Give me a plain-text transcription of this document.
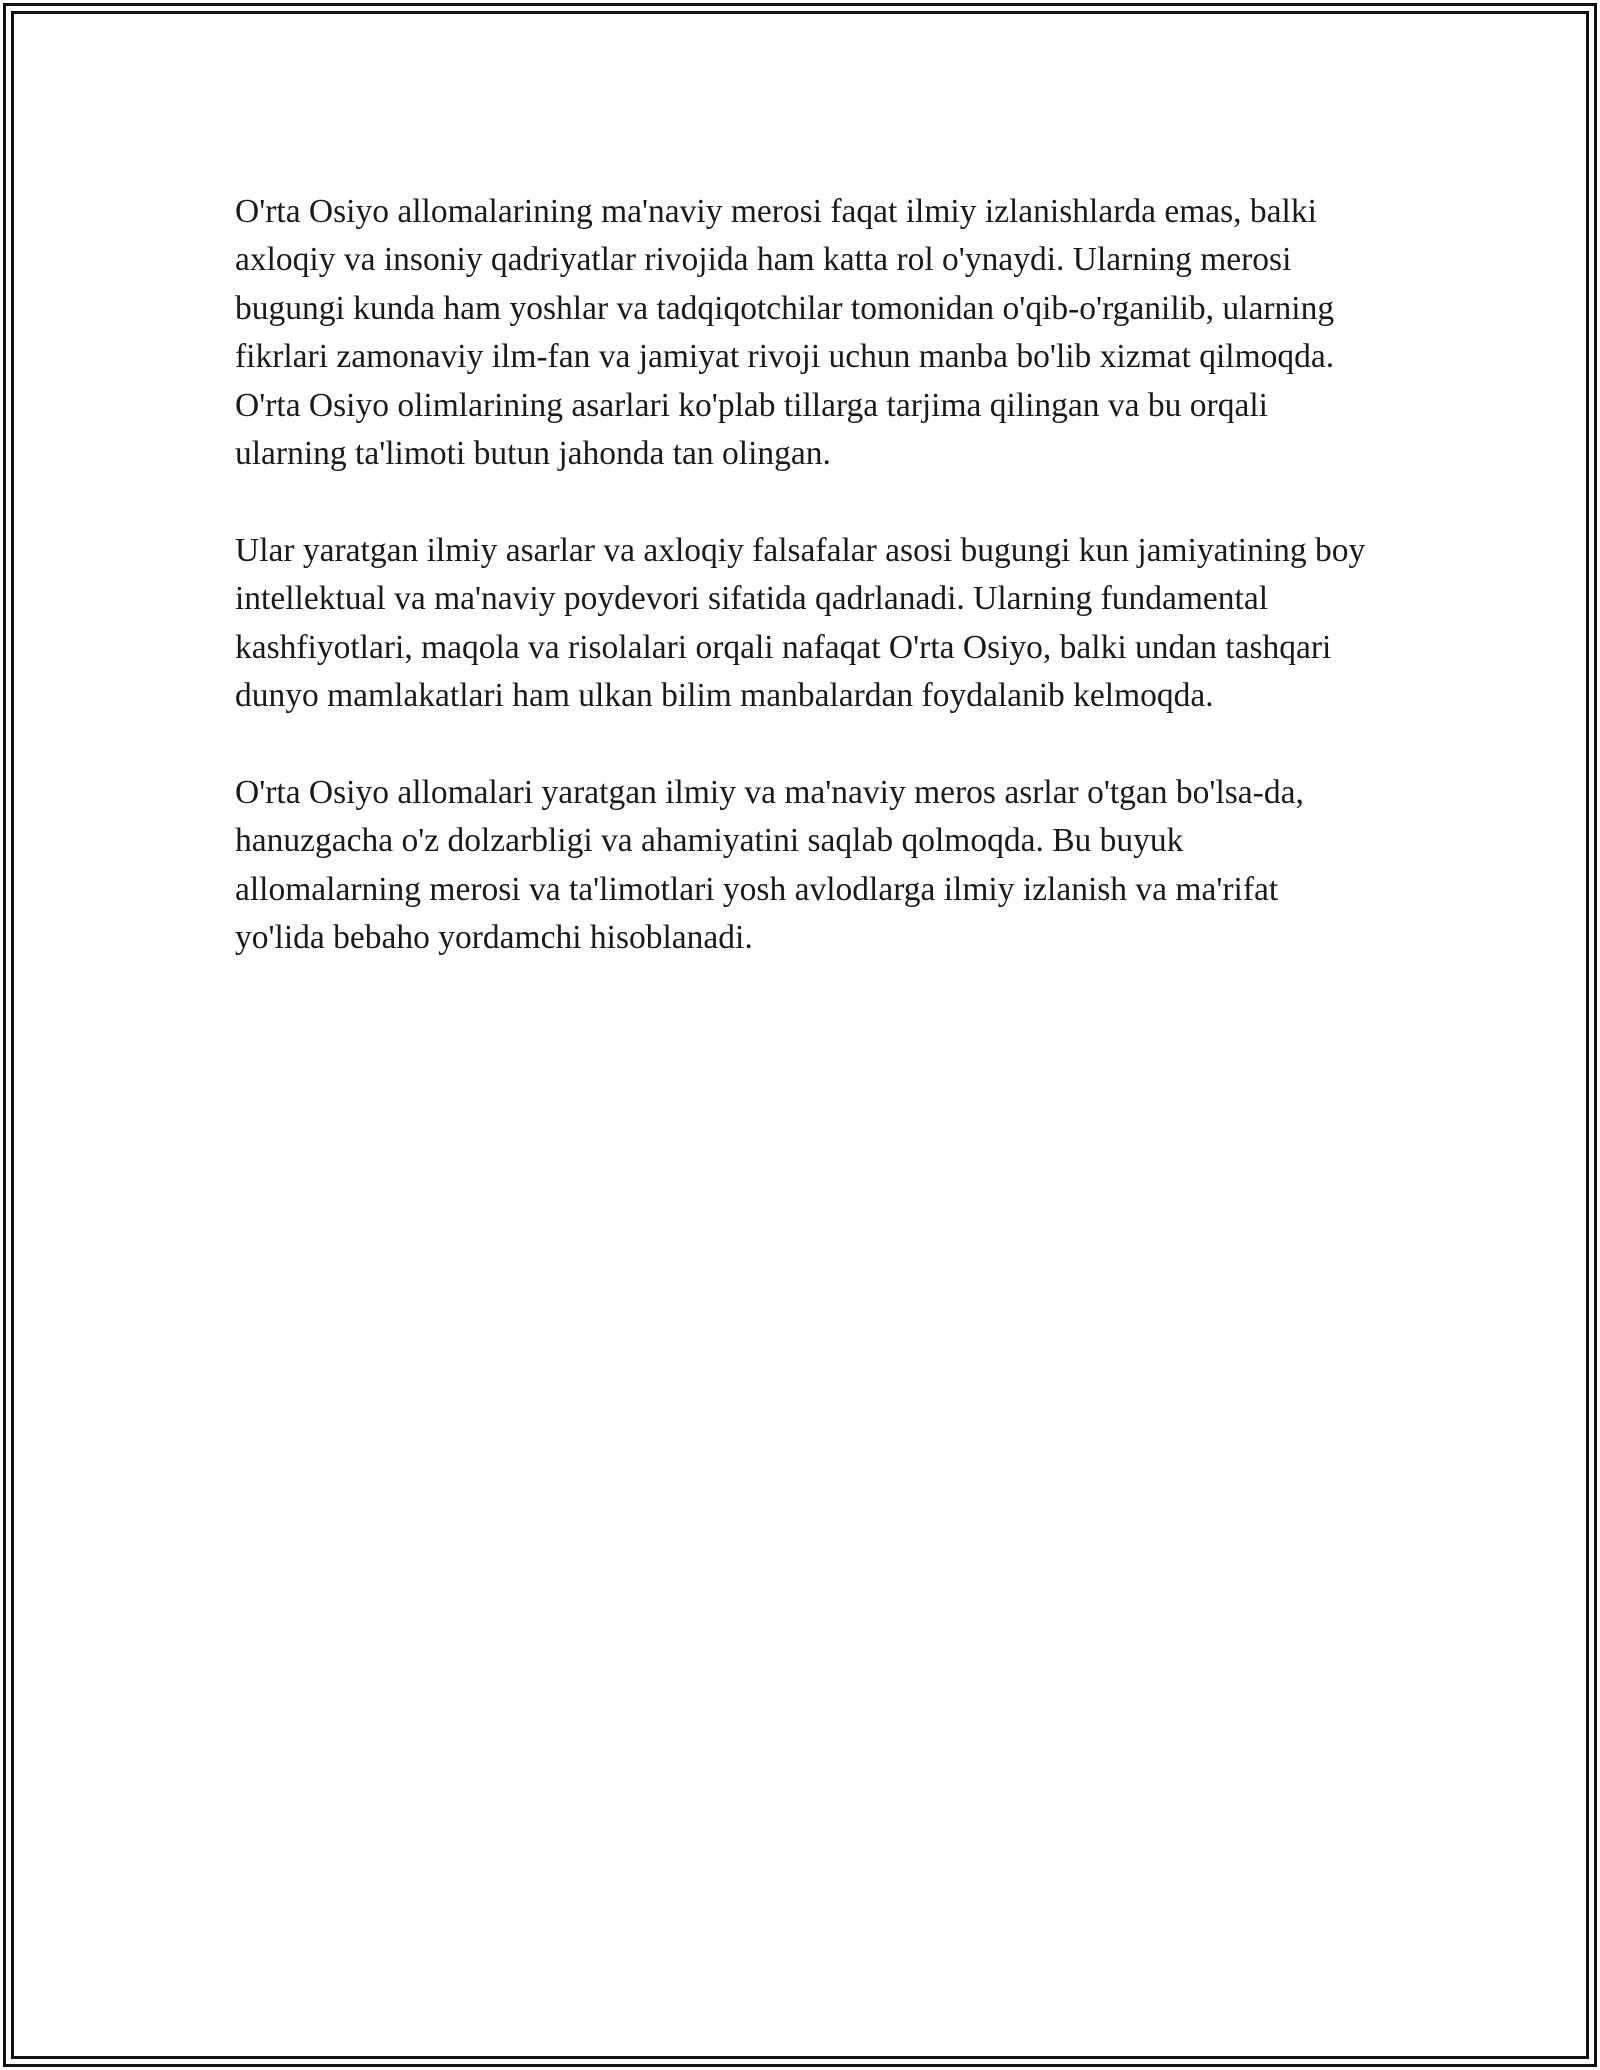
O'rta Osiyo allomalarining ma'naviy merosi faqat ilmiy izlanishlarda emas, balki axloqiy va insoniy qadriyatlar rivojida ham katta rol o'ynaydi. Ularning merosi bugungi kunda ham yoshlar va tadqiqotchilar tomonidan o'qib-o'rganilib, ularning fikrlari zamonaviy ilm-fan va jamiyat rivoji uchun manba bo'lib xizmat qilmoqda. O'rta Osiyo olimlarining asarlari ko'plab tillarga tarjima qilingan va bu orqali ularning ta'limoti butun jahonda tan olingan.

Ular yaratgan ilmiy asarlar va axloqiy falsafalar asosi bugungi kun jamiyatining boy intellektual va ma'naviy poydevori sifatida qadrlanadi. Ularning fundamental kashfiyotlari, maqola va risolalari orqali nafaqat O'rta Osiyo, balki undan tashqari dunyo mamlakatlari ham ulkan bilim manbalardan foydalanib kelmoqda.

O'rta Osiyo allomalari yaratgan ilmiy va ma'naviy meros asrlar o'tgan bo'lsa-da, hanuzgacha o'z dolzarbligi va ahamiyatini saqlab qolmoqda. Bu buyuk allomalarning merosi va ta'limotlari yosh avlodlarga ilmiy izlanish va ma'rifat yo'lida bebaho yordamchi hisoblanadi.
